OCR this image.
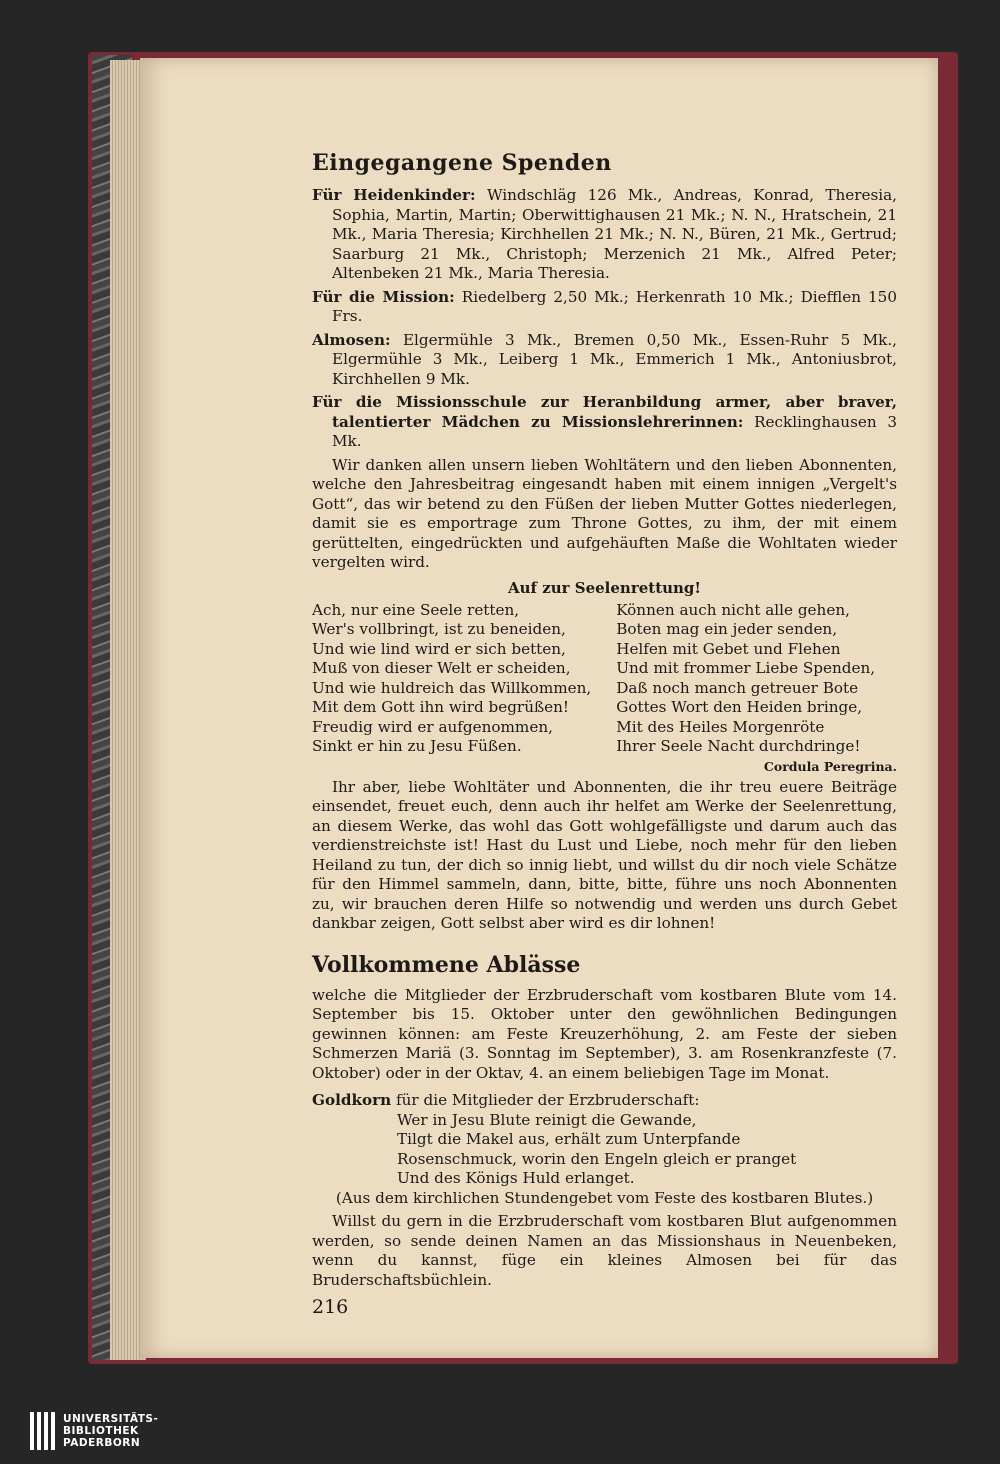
Eingegangene Spenden

Für Heidenkinder: Windschläg 126 Mk., Andreas, Konrad, Theresia, Sophia, Martin, Martin; Oberwittighausen 21 Mk.; N. N., Hratschein, 21 Mk., Maria Theresia; Kirchhellen 21 Mk.; N. N., Büren, 21 Mk., Gertrud; Saarburg 21 Mk., Christoph; Merzenich 21 Mk., Alfred Peter; Altenbeken 21 Mk., Maria Theresia.

Für die Mission: Riedelberg 2,50 Mk.; Herkenrath 10 Mk.; Diefflen 150 Frs.

Almosen: Elgermühle 3 Mk., Bremen 0,50 Mk., Essen-Ruhr 5 Mk., Elgermühle 3 Mk., Leiberg 1 Mk., Emmerich 1 Mk., Antoniusbrot, Kirchhellen 9 Mk.

Für die Missionsschule zur Heranbildung armer, aber braver, talentierter Mädchen zu Missionslehrerinnen: Recklinghausen 3 Mk.

Wir danken allen unsern lieben Wohltätern und den lieben Abonnenten, welche den Jahresbeitrag eingesandt haben mit einem innigen „Vergelt's Gott“, das wir betend zu den Füßen der lieben Mutter Gottes niederlegen, damit sie es emportrage zum Throne Gottes, zu ihm, der mit einem gerüttelten, eingedrückten und aufgehäuften Maße die Wohltaten wieder vergelten wird.

Auf zur Seelenrettung!
Ach, nur eine Seele retten,
Wer's vollbringt, ist zu beneiden,
Und wie lind wird er sich betten,
Muß von dieser Welt er scheiden,
Und wie huldreich das Willkommen,
Mit dem Gott ihn wird begrüßen!
Freudig wird er aufgenommen,
Sinkt er hin zu Jesu Füßen.
Können auch nicht alle gehen,
Boten mag ein jeder senden,
Helfen mit Gebet und Flehen
Und mit frommer Liebe Spenden,
Daß noch manch getreuer Bote
Gottes Wort den Heiden bringe,
Mit des Heiles Morgenröte
Ihrer Seele Nacht durchdringe!
Cordula Peregrina.

Ihr aber, liebe Wohltäter und Abonnenten, die ihr treu euere Beiträge einsendet, freuet euch, denn auch ihr helfet am Werke der Seelenrettung, an diesem Werke, das wohl das Gott wohlgefälligste und darum auch das verdienstreichste ist! Hast du Lust und Liebe, noch mehr für den lieben Heiland zu tun, der dich so innig liebt, und willst du dir noch viele Schätze für den Himmel sammeln, dann, bitte, bitte, führe uns noch Abonnenten zu, wir brauchen deren Hilfe so notwendig und werden uns durch Gebet dankbar zeigen, Gott selbst aber wird es dir lohnen!

Vollkommene Ablässe

welche die Mitglieder der Erzbruderschaft vom kostbaren Blute vom 14. September bis 15. Oktober unter den gewöhnlichen Bedingungen gewinnen können: am Feste Kreuzerhöhung, 2. am Feste der sieben Schmerzen Mariä (3. Sonntag im September), 3. am Rosenkranzfeste (7. Oktober) oder in der Oktav, 4. an einem beliebigen Tage im Monat.

Goldkorn für die Mitglieder der Erzbruderschaft:

Wer in Jesu Blute reinigt die Gewande,
Tilgt die Makel aus, erhält zum Unterpfande
Rosenschmuck, worin den Engeln gleich er pranget
Und des Königs Huld erlanget.

(Aus dem kirchlichen Stundengebet vom Feste des kostbaren Blutes.)

Willst du gern in die Erzbruderschaft vom kostbaren Blut aufgenommen werden, so sende deinen Namen an das Missionshaus in Neuenbeken, wenn du kannst, füge ein kleines Almosen bei für das Bruderschaftsbüchlein.

216
UNIVERSITÄTS-
BIBLIOTHEK
PADERBORN
